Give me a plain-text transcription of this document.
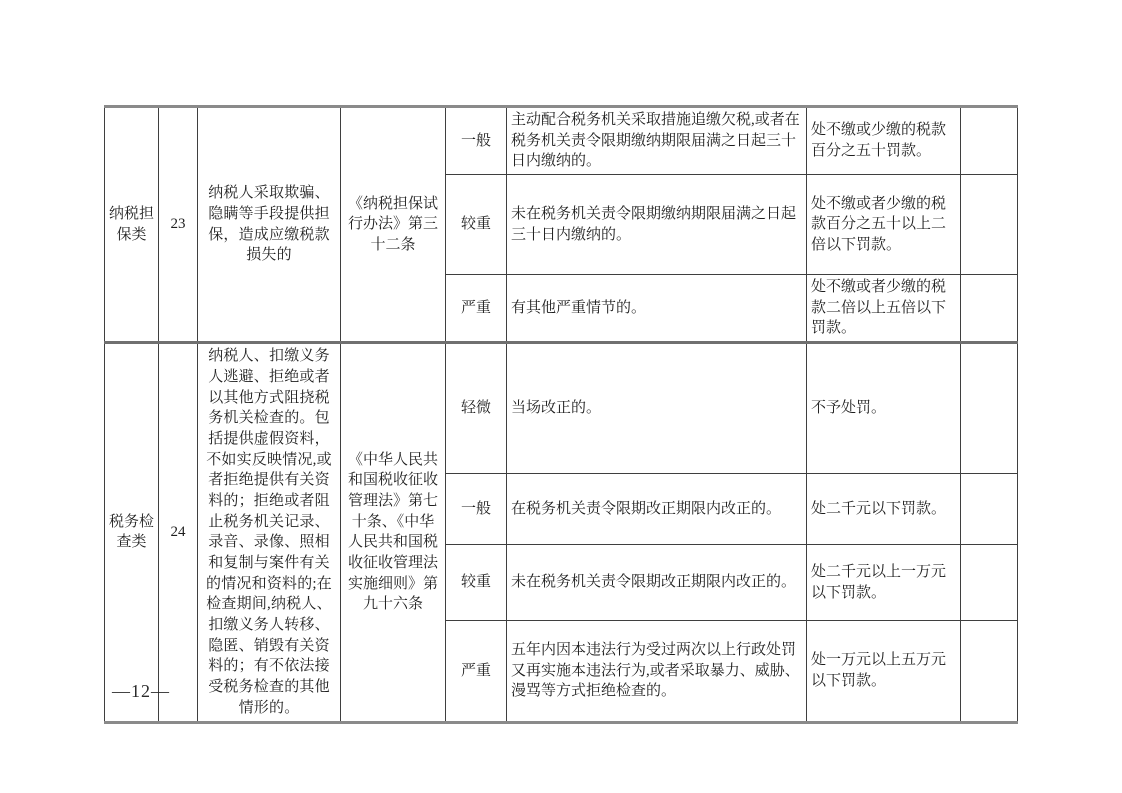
纳税担保类	23	纳税人采取欺骗、隐瞒等手段提供担保，造成应缴税款损失的	《纳税担保试行办法》第三十二条	一般	主动配合税务机关采取措施追缴欠税,或者在税务机关责令限期缴纳期限届满之日起三十日内缴纳的。	处不缴或少缴的税款百分之五十罚款。	
				较重	未在税务机关责令限期缴纳期限届满之日起三十日内缴纳的。	处不缴或者少缴的税款百分之五十以上二倍以下罚款。	
				严重	有其他严重情节的。	处不缴或者少缴的税款二倍以上五倍以下罚款。	
税务检查类	24	纳税人、扣缴义务人逃避、拒绝或者以其他方式阻挠税务机关检查的。包括提供虚假资料，不如实反映情况,或者拒绝提供有关资料的；拒绝或者阻止税务机关记录、录音、录像、照相和复制与案件有关的情况和资料的;在检查期间,纳税人、扣缴义务人转移、隐匿、销毁有关资料的；有不依法接受税务检查的其他情形的。	《中华人民共和国税收征收管理法》第七十条、《中华人民共和国税收征收管理法实施细则》第九十六条	轻微	当场改正的。	不予处罚。	
				一般	在税务机关责令限期改正期限内改正的。	处二千元以下罚款。	
				较重	未在税务机关责令限期改正期限内改正的。	处二千元以上一万元以下罚款。	
				严重	五年内因本违法行为受过两次以上行政处罚又再实施本违法行为,或者采取暴力、威胁、漫骂等方式拒绝检查的。	处一万元以上五万元以下罚款。	
—12—
